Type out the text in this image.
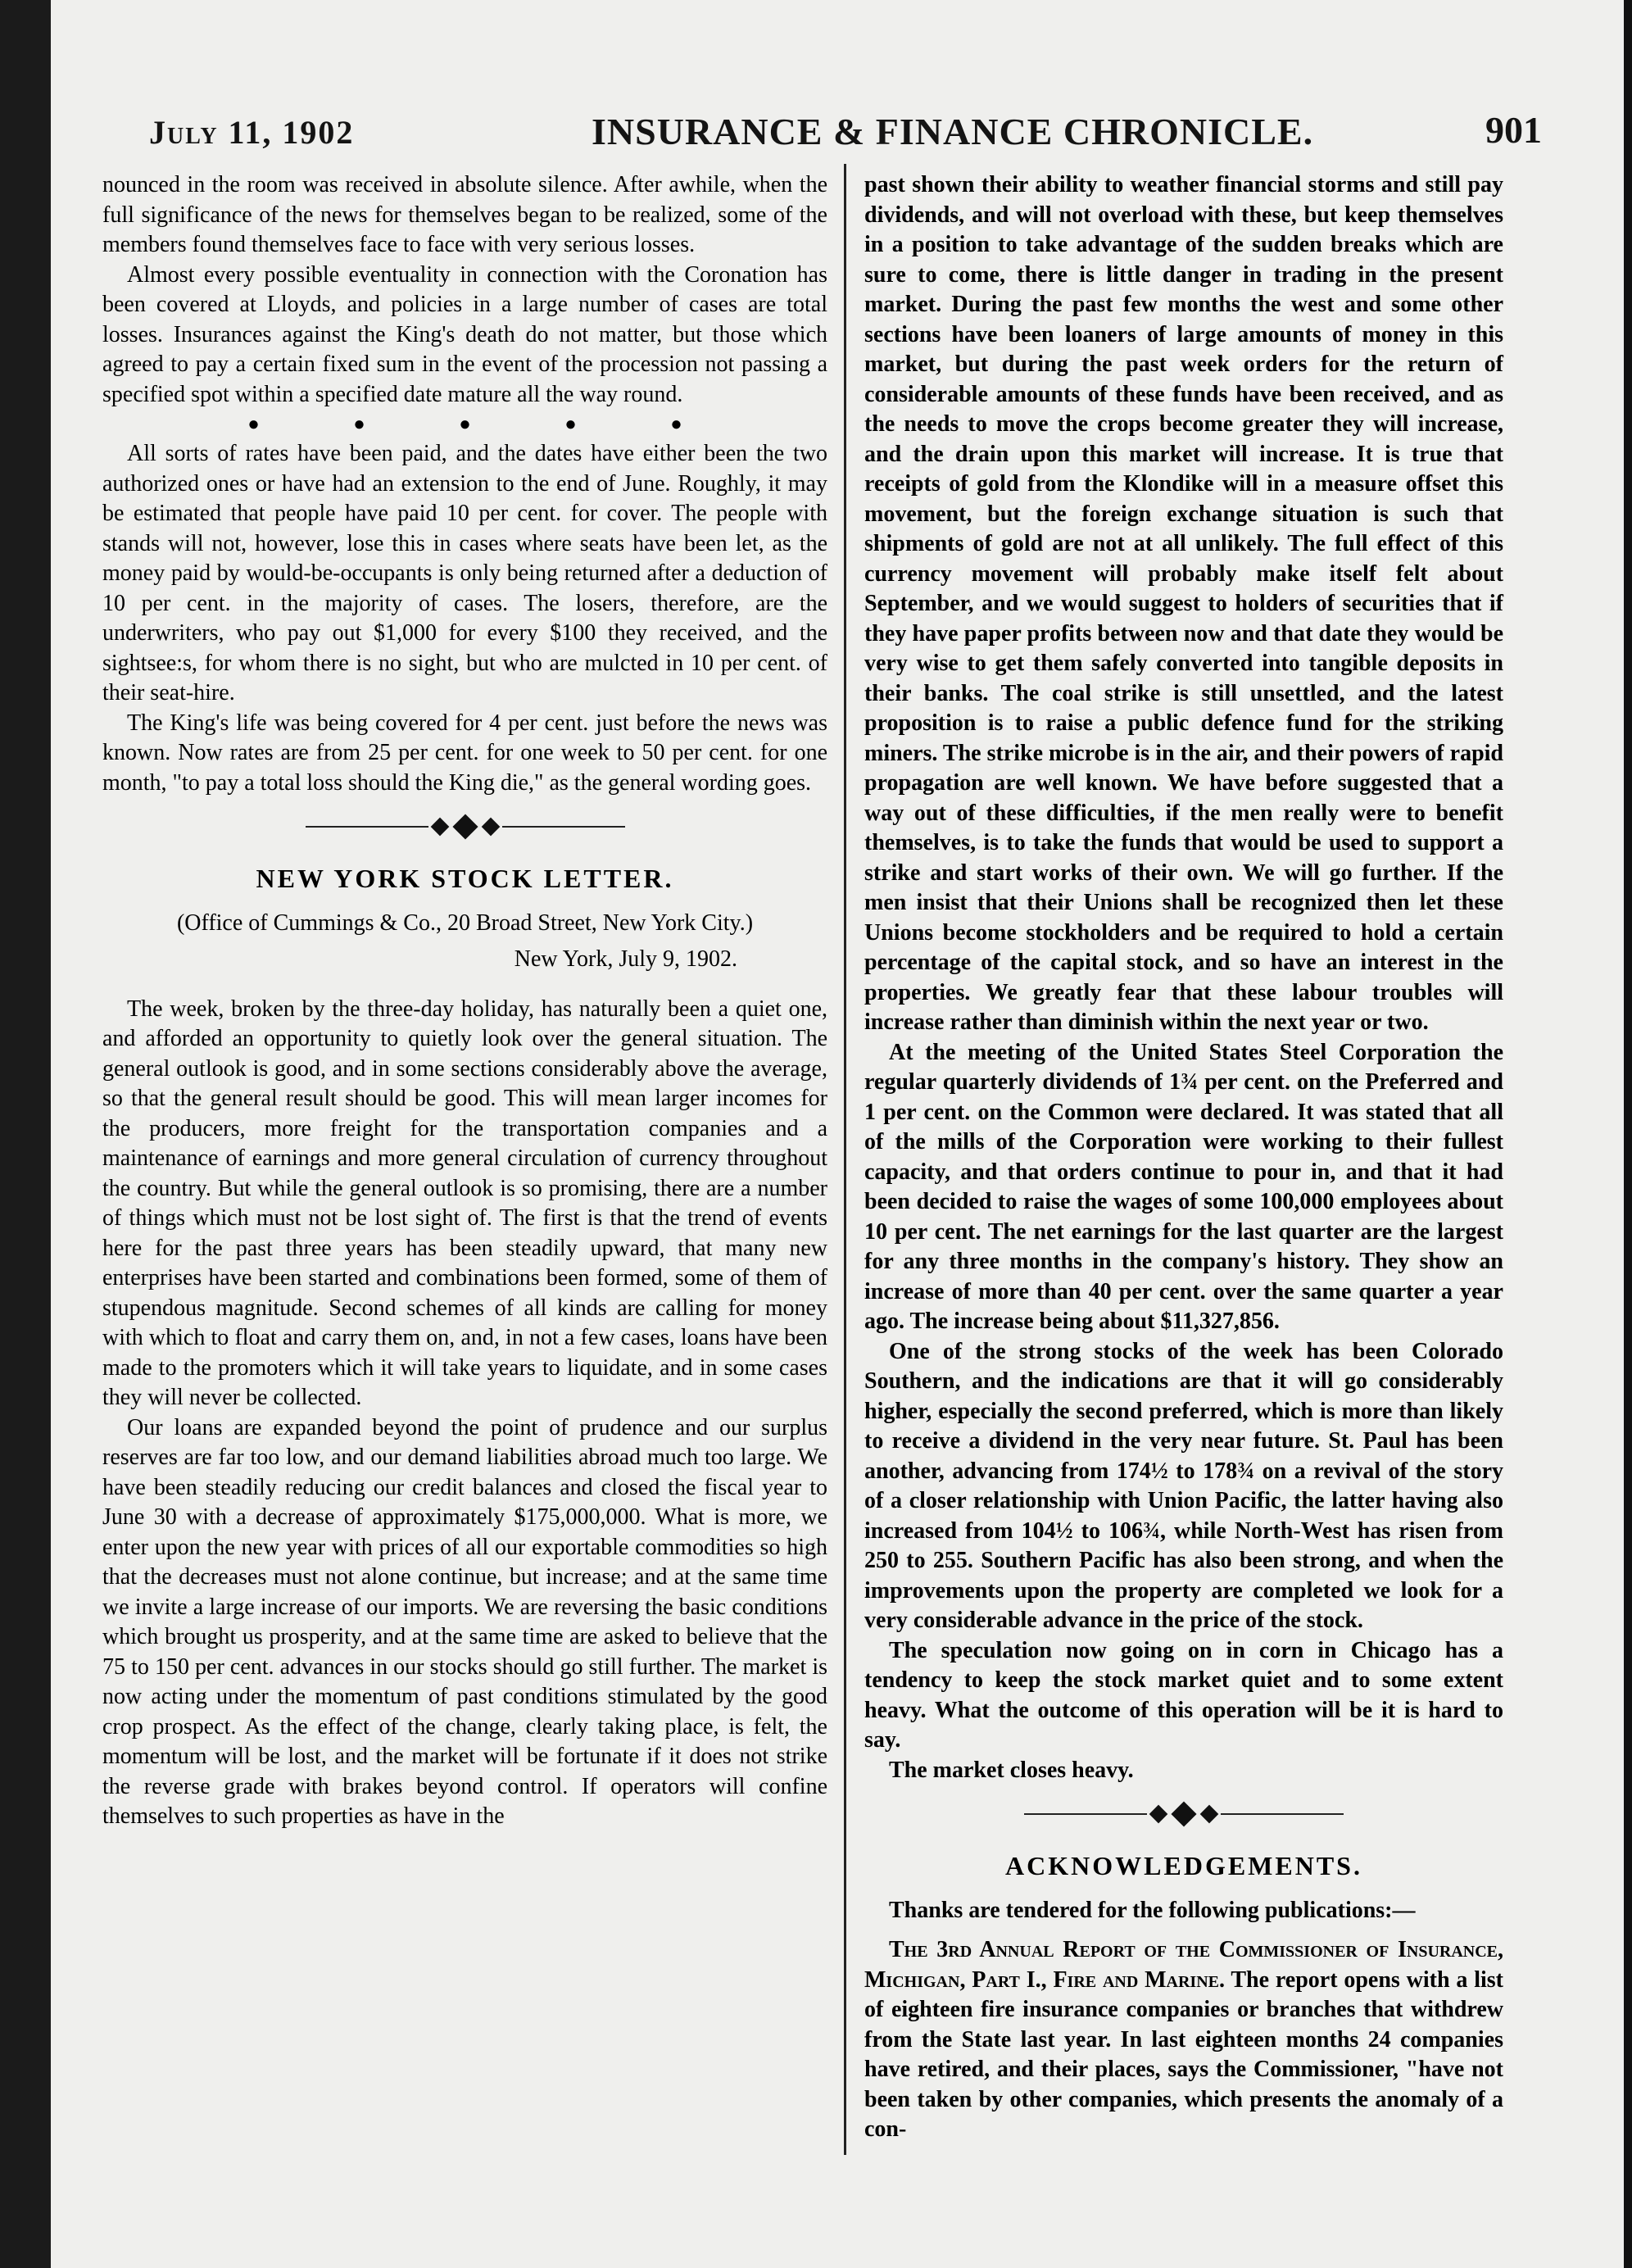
July 11, 1902	INSURANCE & FINANCE CHRONICLE.	901

nounced in the room was received in absolute silence. After awhile, when the full significance of the news for themselves began to be realized, some of the members found themselves face to face with very serious losses.

Almost every possible eventuality in connection with the Coronation has been covered at Lloyds, and policies in a large number of cases are total losses. Insurances against the King's death do not matter, but those which agreed to pay a certain fixed sum in the event of the procession not passing a specified spot within a specified date mature all the way round.

●	●	●	●	●

All sorts of rates have been paid, and the dates have either been the two authorized ones or have had an extension to the end of June. Roughly, it may be estimated that people have paid 10 per cent. for cover. The people with stands will not, however, lose this in cases where seats have been let, as the money paid by would-be-occupants is only being returned after a deduction of 10 per cent. in the majority of cases. The losers, therefore, are the underwriters, who pay out $1,000 for every $100 they received, and the sightsee:s, for whom there is no sight, but who are mulcted in 10 per cent. of their seat-hire.

The King's life was being covered for 4 per cent. just before the news was known. Now rates are from 25 per cent. for one week to 50 per cent. for one month, "to pay a total loss should the King die," as the general wording goes.

NEW YORK STOCK LETTER.
(Office of Cummings & Co., 20 Broad Street, New York City.)
New York, July 9, 1902.

The week, broken by the three-day holiday, has naturally been a quiet one, and afforded an opportunity to quietly look over the general situation. The general outlook is good, and in some sections considerably above the average, so that the general result should be good. This will mean larger incomes for the producers, more freight for the transportation companies and a maintenance of earnings and more general circulation of currency throughout the country. But while the general outlook is so promising, there are a number of things which must not be lost sight of. The first is that the trend of events here for the past three years has been steadily upward, that many new enterprises have been started and combinations been formed, some of them of stupendous magnitude. Second schemes of all kinds are calling for money with which to float and carry them on, and, in not a few cases, loans have been made to the promoters which it will take years to liquidate, and in some cases they will never be collected.

Our loans are expanded beyond the point of prudence and our surplus reserves are far too low, and our demand liabilities abroad much too large. We have been steadily reducing our credit balances and closed the fiscal year to June 30 with a decrease of approximately $175,000,000. What is more, we enter upon the new year with prices of all our exportable commodities so high that the decreases must not alone continue, but increase; and at the same time we invite a large increase of our imports. We are reversing the basic conditions which brought us prosperity, and at the same time are asked to believe that the 75 to 150 per cent. advances in our stocks should go still further. The market is now acting under the momentum of past conditions stimulated by the good crop prospect. As the effect of the change, clearly taking place, is felt, the momentum will be lost, and the market will be fortunate if it does not strike the reverse grade with brakes beyond control. If operators will confine themselves to such properties as have in the

past shown their ability to weather financial storms and still pay dividends, and will not overload with these, but keep themselves in a position to take advantage of the sudden breaks which are sure to come, there is little danger in trading in the present market. During the past few months the west and some other sections have been loaners of large amounts of money in this market, but during the past week orders for the return of considerable amounts of these funds have been received, and as the needs to move the crops become greater they will increase, and the drain upon this market will increase. It is true that receipts of gold from the Klondike will in a measure offset this movement, but the foreign exchange situation is such that shipments of gold are not at all unlikely. The full effect of this currency movement will probably make itself felt about September, and we would suggest to holders of securities that if they have paper profits between now and that date they would be very wise to get them safely converted into tangible deposits in their banks. The coal strike is still unsettled, and the latest proposition is to raise a public defence fund for the striking miners. The strike microbe is in the air, and their powers of rapid propagation are well known. We have before suggested that a way out of these difficulties, if the men really were to benefit themselves, is to take the funds that would be used to support a strike and start works of their own. We will go further. If the men insist that their Unions shall be recognized then let these Unions become stockholders and be required to hold a certain percentage of the capital stock, and so have an interest in the properties. We greatly fear that these labour troubles will increase rather than diminish within the next year or two.

At the meeting of the United States Steel Corporation the regular quarterly dividends of 1¾ per cent. on the Preferred and 1 per cent. on the Common were declared. It was stated that all of the mills of the Corporation were working to their fullest capacity, and that orders continue to pour in, and that it had been decided to raise the wages of some 100,000 employees about 10 per cent. The net earnings for the last quarter are the largest for any three months in the company's history. They show an increase of more than 40 per cent. over the same quarter a year ago. The increase being about $11,327,856.

One of the strong stocks of the week has been Colorado Southern, and the indications are that it will go considerably higher, especially the second preferred, which is more than likely to receive a dividend in the very near future. St. Paul has been another, advancing from 174½ to 178¾ on a revival of the story of a closer relationship with Union Pacific, the latter having also increased from 104½ to 106¾, while North-West has risen from 250 to 255. Southern Pacific has also been strong, and when the improvements upon the property are completed we look for a very considerable advance in the price of the stock.

The speculation now going on in corn in Chicago has a tendency to keep the stock market quiet and to some extent heavy. What the outcome of this operation will be it is hard to say.

The market closes heavy.

ACKNOWLEDGEMENTS.

Thanks are tendered for the following publications:—

The 3rd Annual Report of the Commissioner of Insurance, Michigan, Part I., Fire and Marine. The report opens with a list of eighteen fire insurance companies or branches that withdrew from the State last year. In last eighteen months 24 companies have retired, and their places, says the Commissioner, "have not been taken by other companies, which presents the anomaly of a con-
